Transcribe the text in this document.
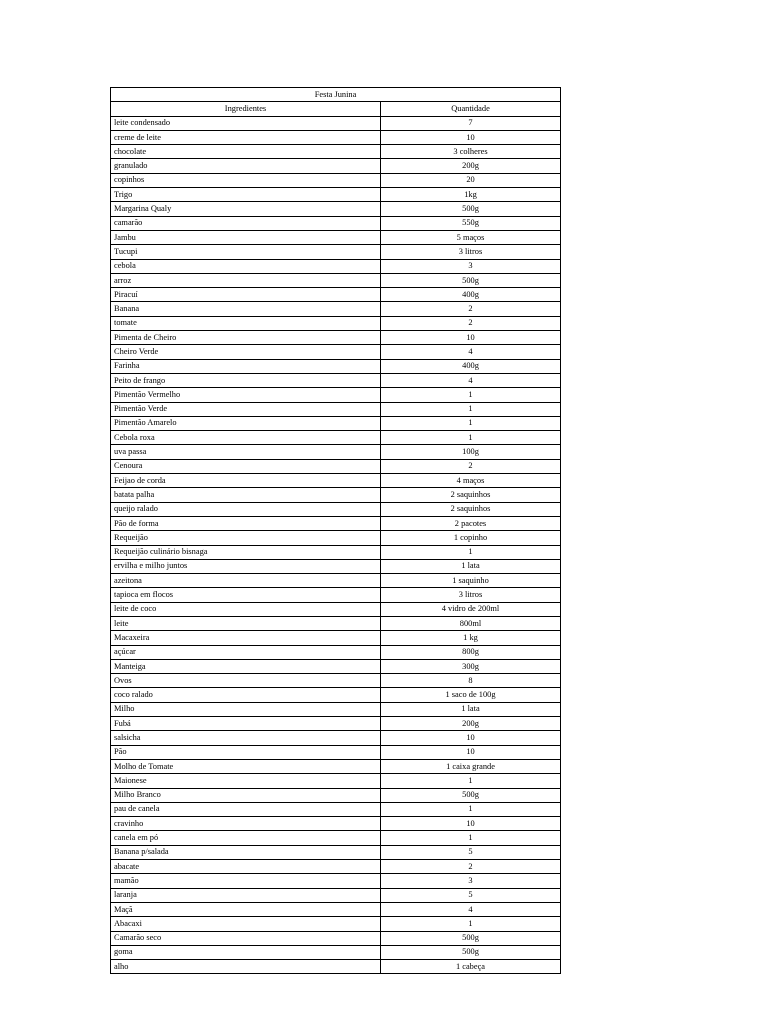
Festa Junina	
Ingredientes	Quantidade
leite condensado	7
creme de leite	10
chocolate	3 colheres
granulado	200g
copinhos	20
Trigo	1kg
Margarina Qualy	500g
camarão	550g
Jambu	5 maços
Tucupi	3 litros
cebola	3
arroz	500g
Piracuí	400g
Banana	2
tomate	2
Pimenta de Cheiro	10
Cheiro Verde	4
Farinha	400g
Peito de frango	4
Pimentão Vermelho	1
Pimentão Verde	1
Pimentão Amarelo	1
Cebola roxa	1
uva passa	100g
Cenoura	2
Feijao de corda	4 maços
batata palha	2 saquinhos
queijo ralado	2 saquinhos
Pão de forma	2 pacotes
Requeijão	1 copinho
Requeijão culinário bisnaga	1
ervilha e milho juntos	1 lata
azeitona	1 saquinho
tapioca em flocos	3 litros
leite de coco	4 vidro de 200ml
leite	800ml
Macaxeira	1 kg
açúcar	800g
Manteiga	300g
Ovos	8
coco ralado	1 saco de 100g
Milho	1 lata
Fubá	200g
salsicha	10
Pão	10
Molho de Tomate	1 caixa grande
Maionese	1
Milho Branco	500g
pau de canela	1
cravinho	10
canela em pó	1
Banana p/salada	5
abacate	2
mamão	3
laranja	5
Maçã	4
Abacaxi	1
Camarão seco	500g
goma	500g
alho	1 cabeça
